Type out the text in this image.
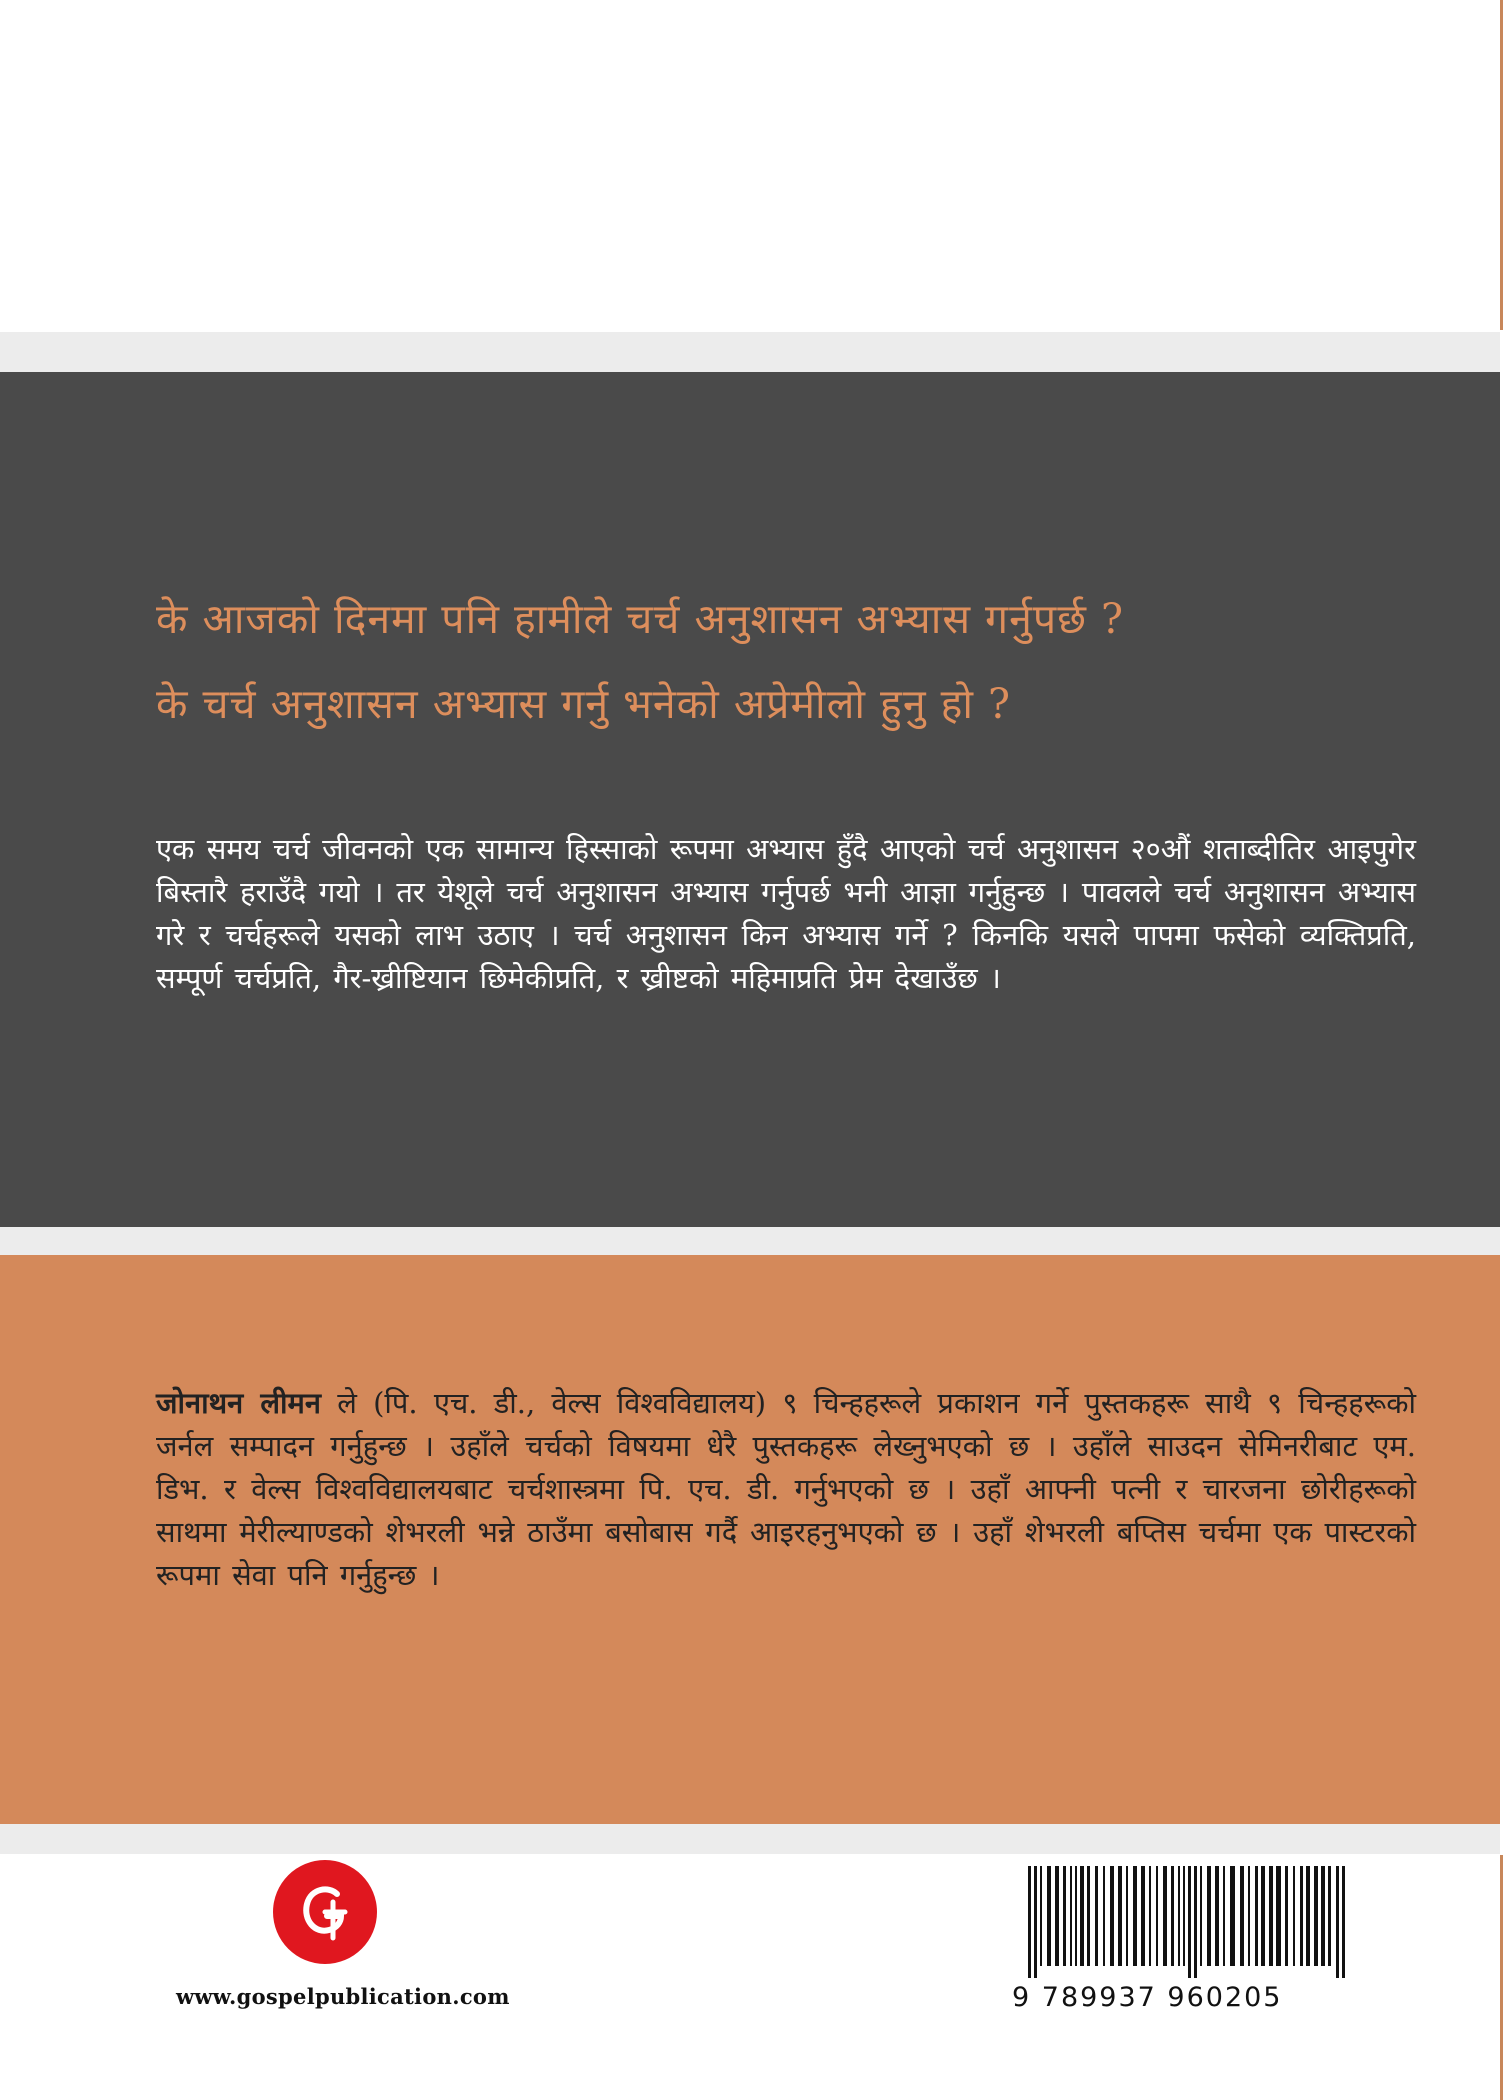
के आजको दिनमा पनि हामीले चर्च अनुशासन अभ्यास गर्नुपर्छ ?
के चर्च अनुशासन अभ्यास गर्नु भनेको अप्रेमीलो हुनु हो ?

एक समय चर्च जीवनको एक सामान्य हिस्साको रूपमा अभ्यास हुँदै आएको चर्च अनुशासन २०औं शताब्दीतिर आइपुगेर बिस्तारै हराउँदै गयो । तर येशूले चर्च अनुशासन अभ्यास गर्नुपर्छ भनी आज्ञा गर्नुहुन्छ । पावलले चर्च अनुशासन अभ्यास गरे र चर्चहरूले यसको लाभ उठाए । चर्च अनुशासन किन अभ्यास गर्ने ? किनकि यसले पापमा फसेको व्यक्तिप्रति, सम्पूर्ण चर्चप्रति, गैर-ख्रीष्टियान छिमेकीप्रति, र ख्रीष्टको महिमाप्रति प्रेम देखाउँछ ।

जोनाथन लीमन ले (पि. एच. डी., वेल्स विश्वविद्यालय) ९ चिन्हहरूले प्रकाशन गर्ने पुस्तकहरू साथै ९ चिन्हहरूको जर्नल सम्पादन गर्नुहुन्छ । उहाँले चर्चको विषयमा धेरै पुस्तकहरू लेख्नुभएको छ । उहाँले साउदन सेमिनरीबाट एम. डिभ. र वेल्स विश्वविद्यालयबाट चर्चशास्त्रमा पि. एच. डी. गर्नुभएको छ । उहाँ आफ्नी पत्नी र चारजना छोरीहरूको साथमा मेरील्याण्डको शेभरली भन्ने ठाउँमा बसोबास गर्दै आइरहनुभएको छ । उहाँ शेभरली बप्तिस चर्चमा एक पास्टरको रूपमा सेवा पनि गर्नुहुन्छ ।

www.gospelpublication.com	9 789937 960205
